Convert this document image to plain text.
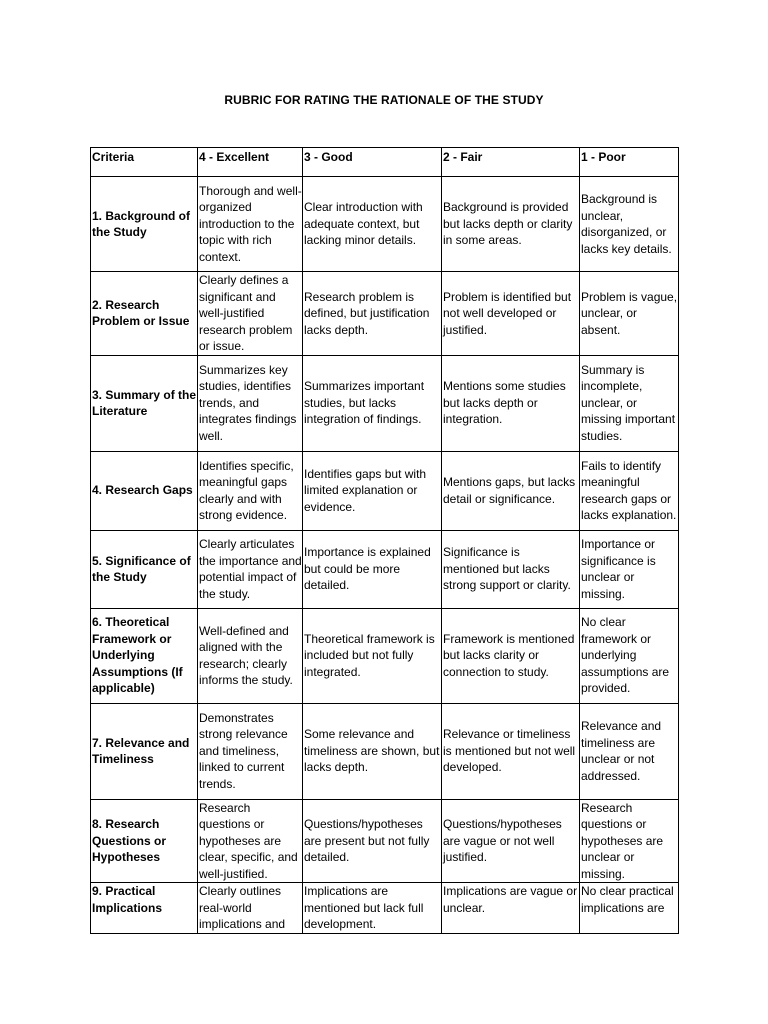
RUBRIC FOR RATING THE RATIONALE OF THE STUDY
Criteria	4 - Excellent	3 - Good	2 - Fair	1 - Poor
1. Background of the Study	Thorough and well-organized introduction to the topic with rich context.	Clear introduction with adequate context, but lacking minor details.	Background is provided but lacks depth or clarity in some areas.	Background is unclear, disorganized, or lacks key details.
2. Research Problem or Issue	Clearly defines a significant and well-justified research problem or issue.	Research problem is defined, but justification lacks depth.	Problem is identified but not well developed or justified.	Problem is vague, unclear, or absent.
3. Summary of the Literature	Summarizes key studies, identifies trends, and integrates findings well.	Summarizes important studies, but lacks integration of findings.	Mentions some studies but lacks depth or integration.	Summary is incomplete, unclear, or missing important studies.
4. Research Gaps	Identifies specific, meaningful gaps clearly and with strong evidence.	Identifies gaps but with limited explanation or evidence.	Mentions gaps, but lacks detail or significance.	Fails to identify meaningful research gaps or lacks explanation.
5. Significance of the Study	Clearly articulates the importance and potential impact of the study.	Importance is explained but could be more detailed.	Significance is mentioned but lacks strong support or clarity.	Importance or significance is unclear or missing.
6. Theoretical Framework or Underlying Assumptions (If applicable)	Well-defined and aligned with the research; clearly informs the study.	Theoretical framework is included but not fully integrated.	Framework is mentioned but lacks clarity or connection to study.	No clear framework or underlying assumptions are provided.
7. Relevance and Timeliness	Demonstrates strong relevance and timeliness, linked to current trends.	Some relevance and timeliness are shown, but lacks depth.	Relevance or timeliness is mentioned but not well developed.	Relevance and timeliness are unclear or not addressed.
8. Research Questions or Hypotheses	Research questions or hypotheses are clear, specific, and well-justified.	Questions/hypotheses are present but not fully detailed.	Questions/hypotheses are vague or not well justified.	Research questions or hypotheses are unclear or missing.
9. Practical Implications	Clearly outlines real-world implications and	Implications are mentioned but lack full development.	Implications are vague or unclear.	No clear practical implications are
